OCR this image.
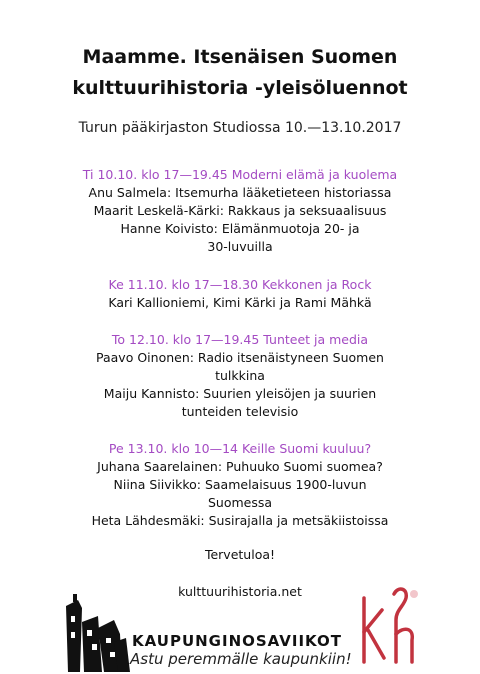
Maamme. Itsenäisen Suomen
kulttuurihistoria -yleisöluennot
Turun pääkirjaston Studiossa 10.—13.10.2017
Ti 10.10. klo 17—19.45 Moderni elämä ja kuolema
Anu Salmela: Itsemurha lääketieteen historiassa
Maarit Leskelä-Kärki: Rakkaus ja seksuaalisuus
Hanne Koivisto: Elämänmuotoja 20- ja
30-luvuilla
Ke 11.10. klo 17—18.30 Kekkonen ja Rock
Kari Kallioniemi, Kimi Kärki ja Rami Mähkä
To 12.10. klo 17—19.45 Tunteet ja media
Paavo Oinonen: Radio itsenäistyneen Suomen
tulkkina
Maiju Kannisto: Suurien yleisöjen ja suurien
tunteiden televisio
Pe 13.10. klo 10—14 Keille Suomi kuuluu?
Juhana Saarelainen: Puhuuko Suomi suomea?
Niina Siivikko: Saamelaisuus 1900-luvun
Suomessa
Heta Lähdesmäki: Susirajalla ja metsäkiistoissa
Tervetuloa!
kulttuurihistoria.net
KAUPUNGINOSAVIIKOT
Astu peremmälle kaupunkiin!
